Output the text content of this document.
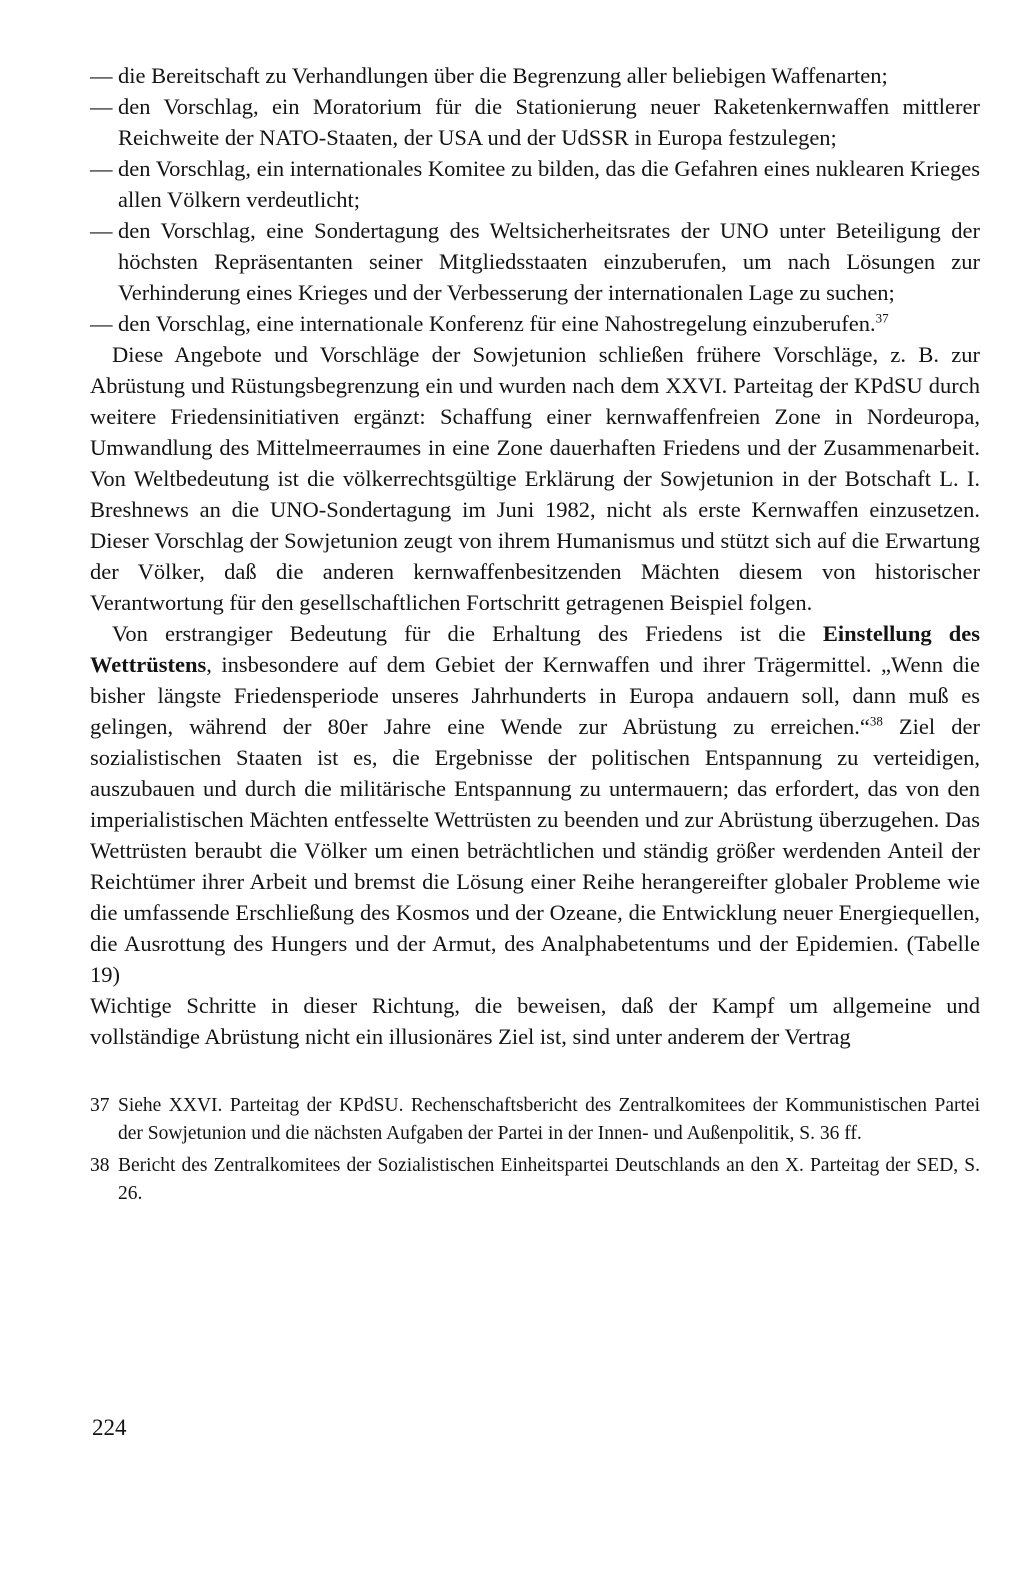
— die Bereitschaft zu Verhandlungen über die Begrenzung aller beliebigen Waffenarten;
— den Vorschlag, ein Moratorium für die Stationierung neuer Raketenkernwaffen mittlerer Reichweite der NATO-Staaten, der USA und der UdSSR in Europa festzulegen;
— den Vorschlag, ein internationales Komitee zu bilden, das die Gefahren eines nuklearen Krieges allen Völkern verdeutlicht;
— den Vorschlag, eine Sondertagung des Weltsicherheitsrates der UNO unter Beteiligung der höchsten Repräsentanten seiner Mitgliedsstaaten einzuberufen, um nach Lösungen zur Verhinderung eines Krieges und der Verbesserung der internationalen Lage zu suchen;
— den Vorschlag, eine internationale Konferenz für eine Nahostregelung einzuberufen.$^{37}$

Diese Angebote und Vorschläge der Sowjetunion schließen frühere Vorschläge, z. B. zur Abrüstung und Rüstungsbegrenzung ein und wurden nach dem XXVI. Parteitag der KPdSU durch weitere Friedensinitiativen ergänzt: Schaffung einer kernwaffenfreien Zone in Nordeuropa, Umwandlung des Mittelmeerraumes in eine Zone dauerhaften Friedens und der Zusammenarbeit. Von Weltbedeutung ist die völkerrechtsgültige Erklärung der Sowjetunion in der Botschaft L. I. Breshnews an die UNO-Sondertagung im Juni 1982, nicht als erste Kernwaffen einzusetzen. Dieser Vorschlag der Sowjetunion zeugt von ihrem Humanismus und stützt sich auf die Erwartung der Völker, daß die anderen kernwaffenbesitzenden Mächten diesem von historischer Verantwortung für den gesellschaftlichen Fortschritt getragenen Beispiel folgen.

Von erstrangiger Bedeutung für die Erhaltung des Friedens ist die Einstellung des Wettrüstens, insbesondere auf dem Gebiet der Kernwaffen und ihrer Trägermittel. „Wenn die bisher längste Friedensperiode unseres Jahrhunderts in Europa andauern soll, dann muß es gelingen, während der 80er Jahre eine Wende zur Abrüstung zu erreichen.“$^{38}$ Ziel der sozialistischen Staaten ist es, die Ergebnisse der politischen Entspannung zu verteidigen, auszubauen und durch die militärische Entspannung zu untermauern; das erfordert, das von den imperialistischen Mächten entfesselte Wettrüsten zu beenden und zur Abrüstung überzugehen. Das Wettrüsten beraubt die Völker um einen beträchtlichen und ständig größer werdenden Anteil der Reichtümer ihrer Arbeit und bremst die Lösung einer Reihe herangereifter globaler Probleme wie die umfassende Erschließung des Kosmos und der Ozeane, die Entwicklung neuer Energiequellen, die Ausrottung des Hungers und der Armut, des Analphabetentums und der Epidemien. (Tabelle 19)

Wichtige Schritte in dieser Richtung, die beweisen, daß der Kampf um allgemeine und vollständige Abrüstung nicht ein illusionäres Ziel ist, sind unter anderem der Vertrag

37 Siehe XXVI. Parteitag der KPdSU. Rechenschaftsbericht des Zentralkomitees der Kommunistischen Partei der Sowjetunion und die nächsten Aufgaben der Partei in der Innen- und Außenpolitik, S. 36 ff.
38 Bericht des Zentralkomitees der Sozialistischen Einheitspartei Deutschlands an den X. Parteitag der SED, S. 26.
224
